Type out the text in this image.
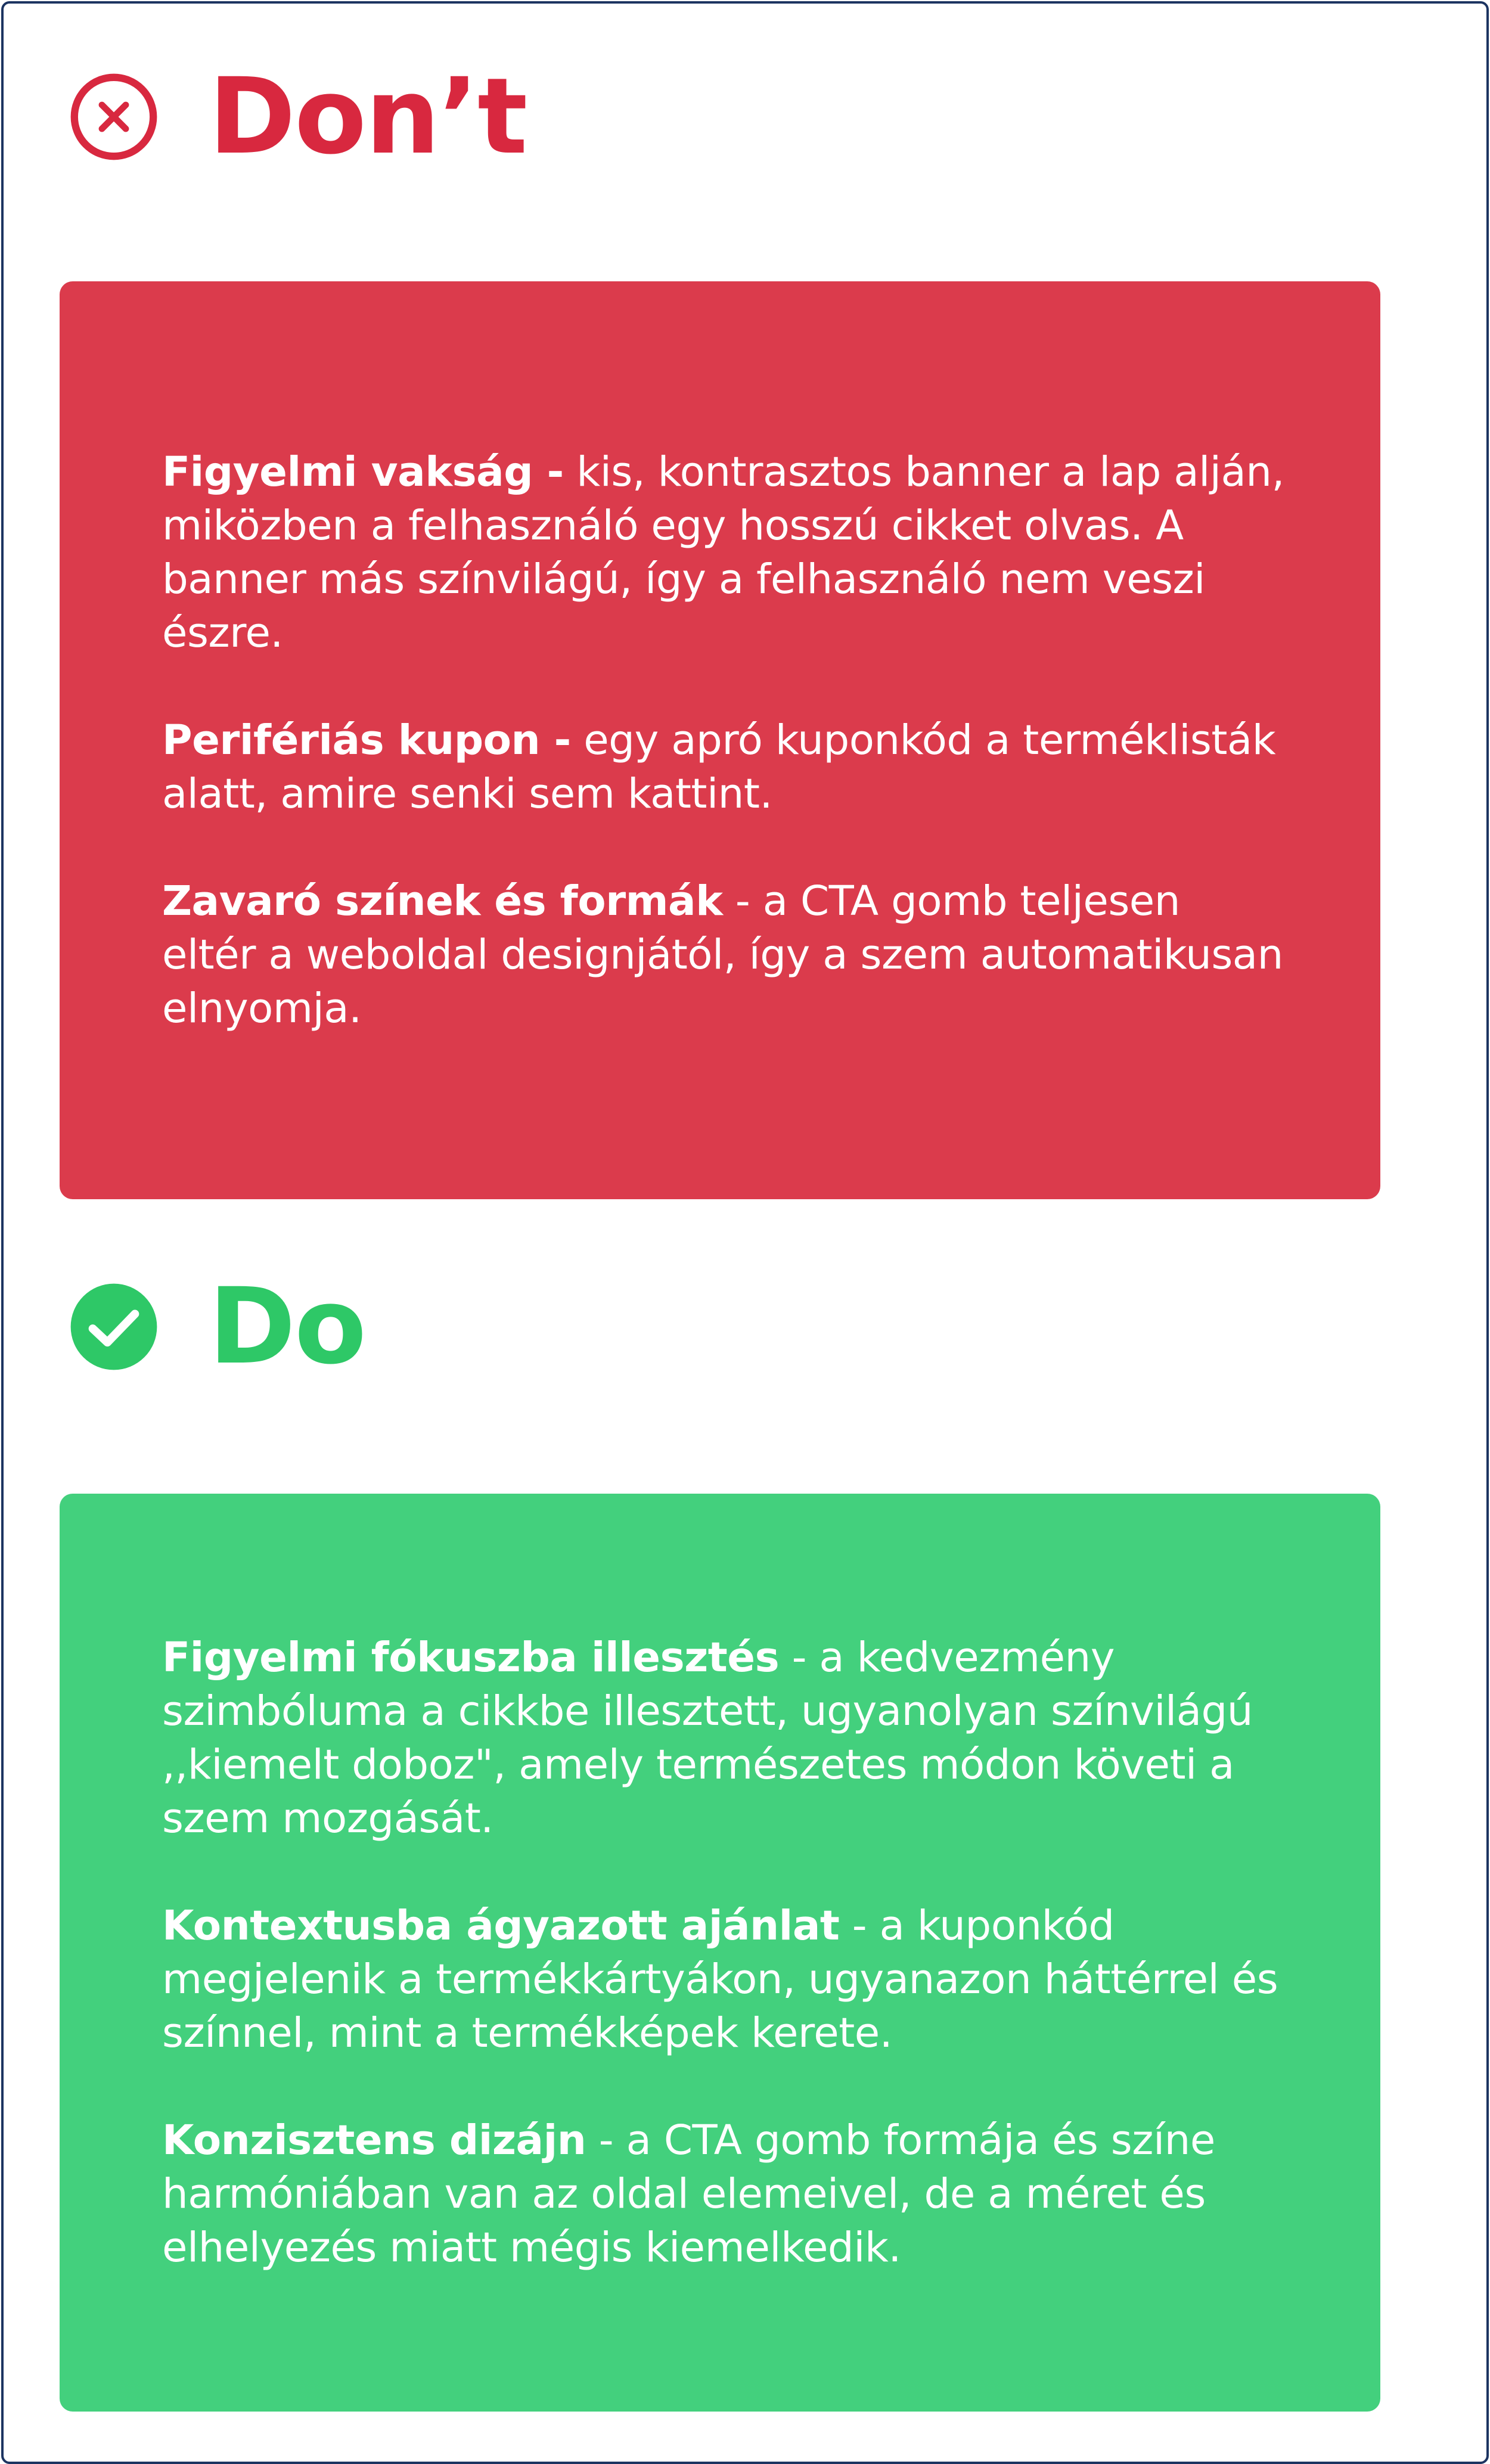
Don’t

Figyelmi vakság - kis, kontrasztos banner a lap alján, miközben a felhasználó egy hosszú cikket olvas. A banner más színvilágú, így a felhasználó nem veszi észre.

Perifériás kupon - egy apró kuponkód a terméklisták alatt, amire senki sem kattint.

Zavaró színek és formák - a CTA gomb teljesen eltér a weboldal designjától, így a szem automatikusan elnyomja.

Do

Figyelmi fókuszba illesztés - a kedvezmény szimbóluma a cikkbe illesztett, ugyanolyan színvilágú ,,kiemelt doboz", amely természetes módon követi a szem mozgását.

Kontextusba ágyazott ajánlat - a kuponkód megjelenik a termékkártyákon, ugyanazon háttérrel és színnel, mint a termékképek kerete.

Konzisztens dizájn - a CTA gomb formája és színe harmóniában van az oldal elemeivel, de a méret és elhelyezés miatt mégis kiemelkedik.
